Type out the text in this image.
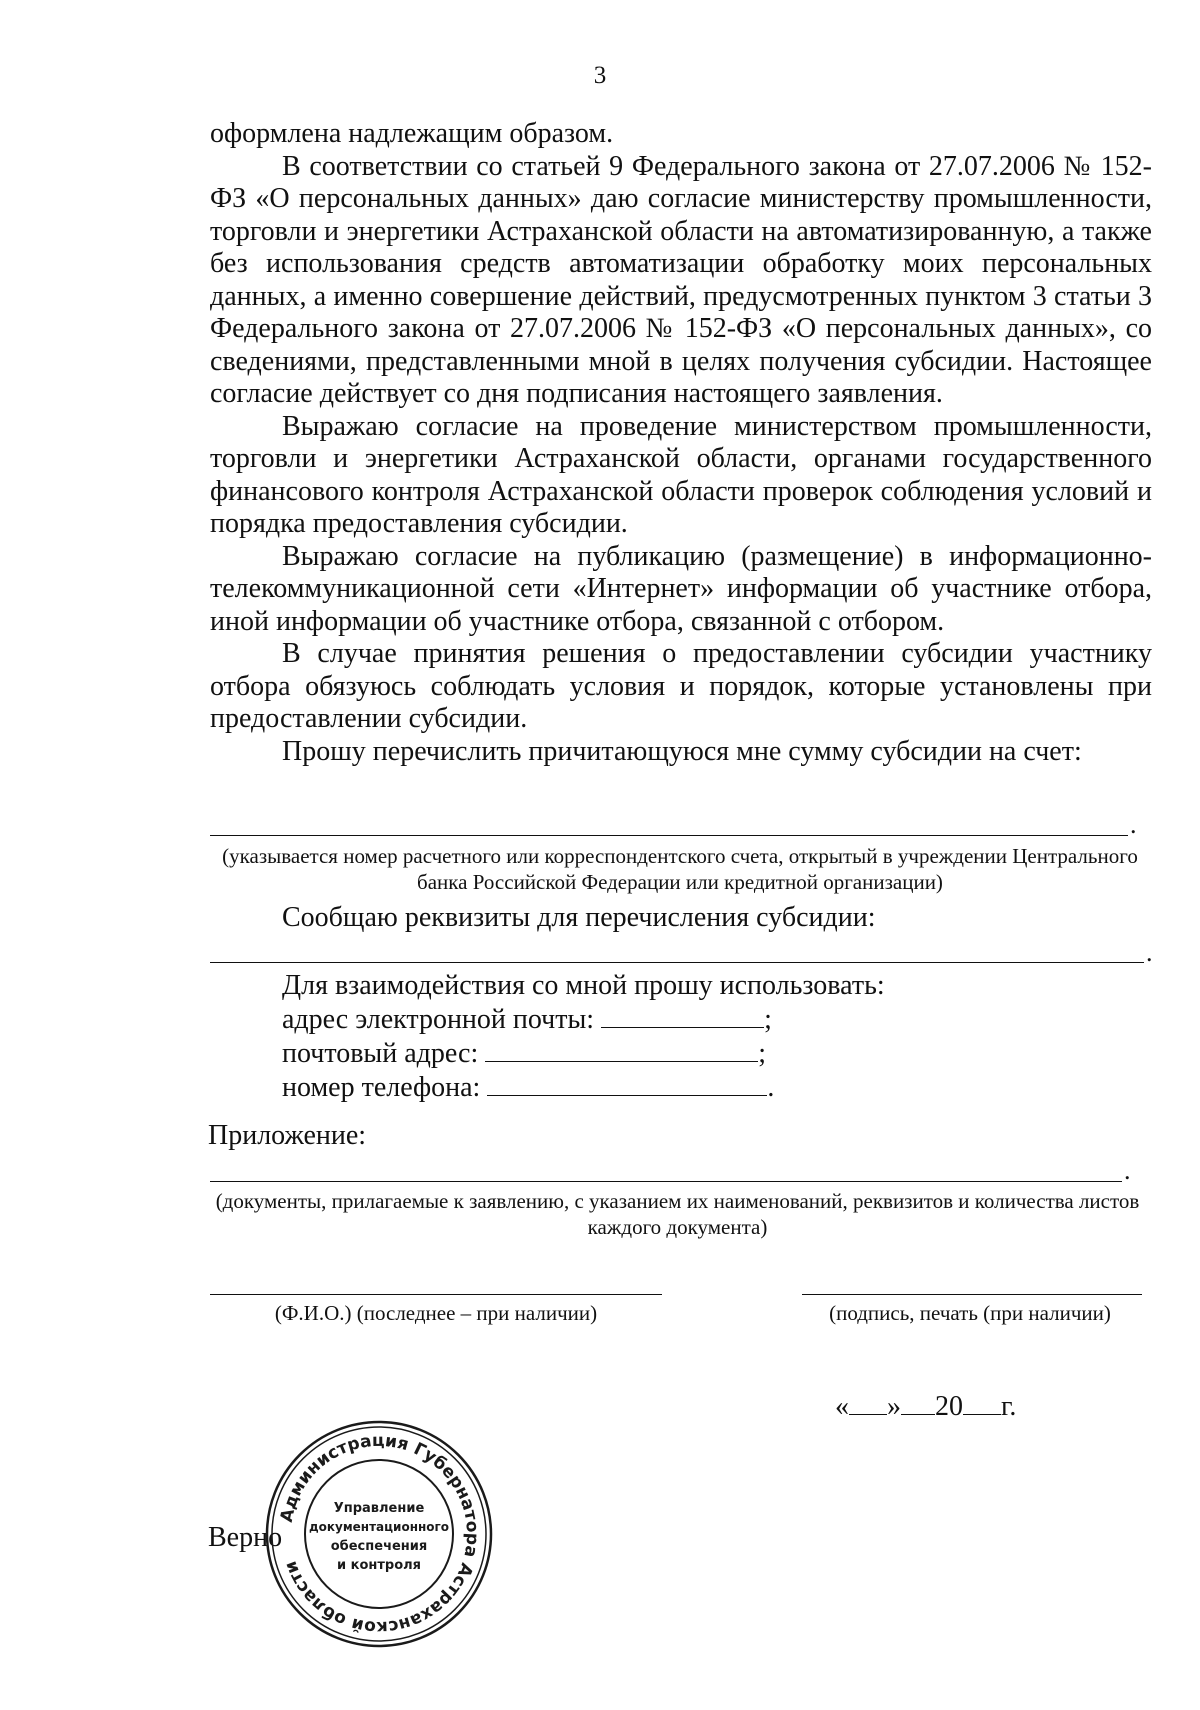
3

оформлена надлежащим образом.

В соответствии со статьей 9 Федерального закона от 27.07.2006 № 152-ФЗ «О персональных данных» даю согласие министерству промышленности, торговли и энергетики Астраханской области на автоматизированную, а также без использования средств автоматизации обработку моих персональных данных, а именно совершение действий, предусмотренных пунктом 3 статьи 3 Федерального закона от 27.07.2006 № 152-ФЗ «О персональных данных», со сведениями, представленными мной в целях получения субсидии. Настоящее согласие действует со дня подписания настоящего заявления.

Выражаю согласие на проведение министерством промышленности, торговли и энергетики Астраханской области, органами государственного финансового контроля Астраханской области проверок соблюдения условий и порядка предоставления субсидии.

Выражаю согласие на публикацию (размещение) в информационно-телекоммуникационной сети «Интернет» информации об участнике отбора, иной информации об участнике отбора, связанной с отбором.

В случае принятия решения о предоставлении субсидии участнику отбора обязуюсь соблюдать условия и порядок, которые установлены при предоставлении субсидии.

Прошу перечислить причитающуюся мне сумму субсидии на счет:

.
(указывается номер расчетного или корреспондентского счета, открытый в учреждении Центрального банка Российской Федерации или кредитной организации)
Сообщаю реквизиты для перечисления субсидии:
.
Для взаимодействия со мной прошу использовать:
адрес электронной почты:	;
почтовый адрес:	;
номер телефона:	.
Приложение:
.
(документы, прилагаемые к заявлению, с указанием их наименований, реквизитов и количества листов каждого документа)
(Ф.И.О.) (последнее – при наличии)	(подпись, печать (при наличии)
« » 20 г.
Верно
Администрация Губернатора Астраханской области
Управление
документационного
обеспечения
и контроля
